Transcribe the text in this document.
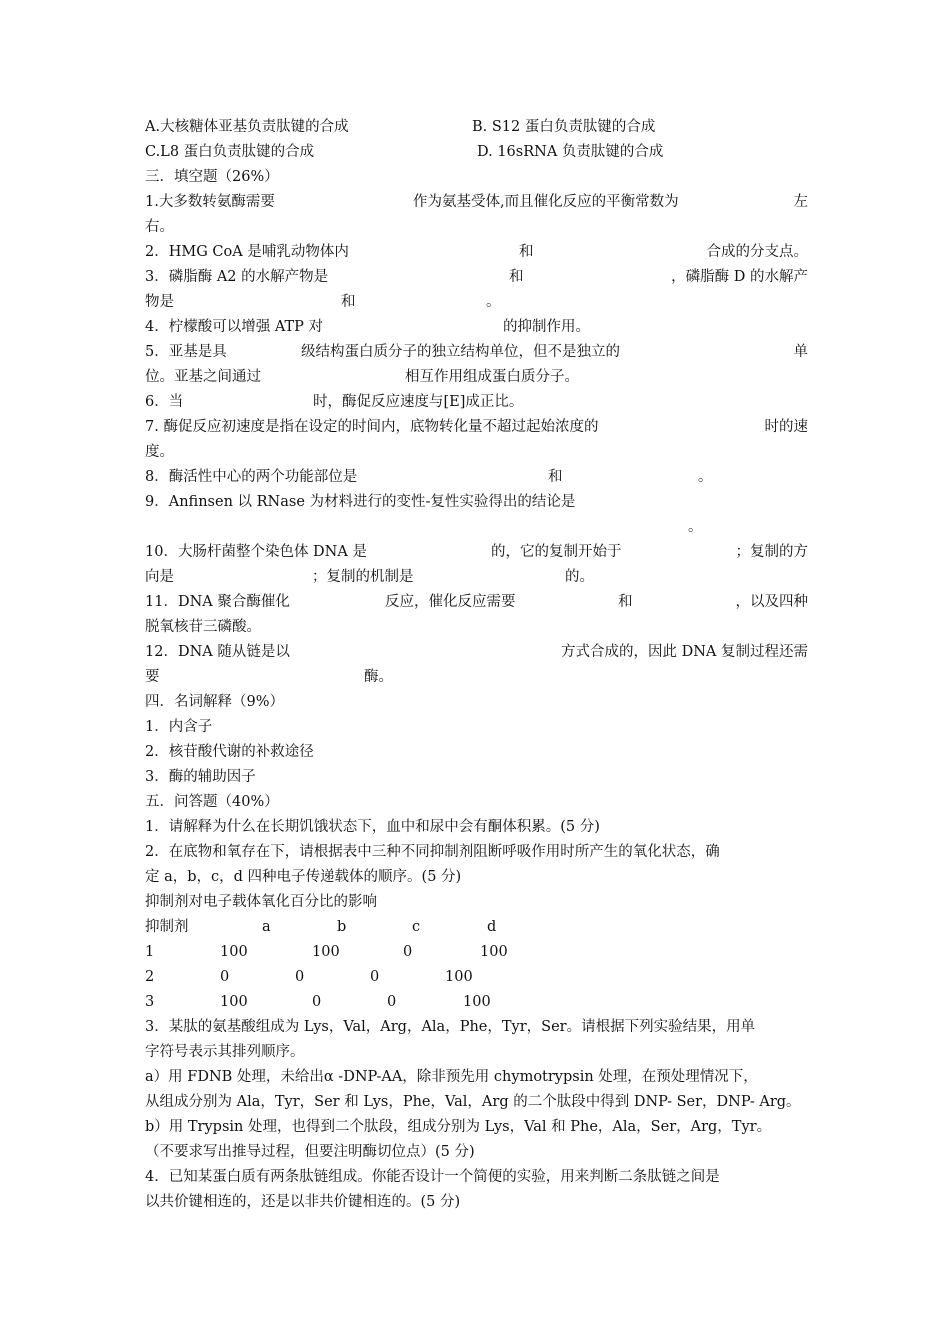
A.大核糖体亚基负责肽键的合成	B. S12 蛋白负责肽键的合成
C.L8 蛋白负责肽键的合成	D. 16sRNA 负责肽键的合成
三．填空题（26%）
1.大多数转氨酶需要	作为氨基受体,而且催化反应的平衡常数为	左
右。
2．HMG CoA 是哺乳动物体内	和	合成的分支点。
3．磷脂酶 A2 的水解产物是	和	，磷脂酶 D 的水解产
物是	和	。
4．柠檬酸可以增强 ATP 对	的抑制作用。
5．亚基是具	级结构蛋白质分子的独立结构单位，但不是独立的	单
位。亚基之间通过	相互作用组成蛋白质分子。
6．当	时，酶促反应速度与[E]成正比。
7. 酶促反应初速度是指在设定的时间内，底物转化量不超过起始浓度的	时的速
度。
8．酶活性中心的两个功能部位是	和	。
9．Anfinsen 以 RNase 为材料进行的变性-复性实验得出的结论是
。
10．大肠杆菌整个染色体 DNA 是	的，它的复制开始于	；复制的方
向是	；复制的机制是	的。
11．DNA 聚合酶催化	反应，催化反应需要	和	，以及四种
脱氧核苷三磷酸。
12．DNA 随从链是以	方式合成的，因此 DNA 复制过程还需
要	酶。
四．名词解释（9%）
1．内含子
2．核苷酸代谢的补救途径
3．酶的辅助因子
五．问答题（40%）
1．请解释为什么在长期饥饿状态下，血中和尿中会有酮体积累。(5 分)
2．在底物和氧存在下，请根据表中三种不同抑制剂阻断呼吸作用时所产生的氧化状态，确
定 a，b，c，d 四种电子传递载体的顺序。(5 分)
抑制剂对电子载体氧化百分比的影响
抑制剂	a	b	c	d
1	100	100	0	100
2	0	0	0	100
3	100	0	0	100
3．某肽的氨基酸组成为 Lys，Val，Arg，Ala，Phe，Tyr，Ser。请根据下列实验结果，用单
字符号表示其排列顺序。
a）用 FDNB 处理，未给出α -DNP-AA，除非预先用 chymotrypsin 处理，在预处理情况下，
从组成分别为 Ala，Tyr，Ser 和 Lys，Phe，Val，Arg 的二个肽段中得到 DNP- Ser，DNP- Arg。
b）用 Trypsin 处理，也得到二个肽段，组成分别为 Lys，Val 和 Phe，Ala，Ser，Arg，Tyr。
（不要求写出推导过程，但要注明酶切位点）(5 分)
4．已知某蛋白质有两条肽链组成。你能否设计一个简便的实验，用来判断二条肽链之间是
以共价键相连的，还是以非共价键相连的。(5 分)
